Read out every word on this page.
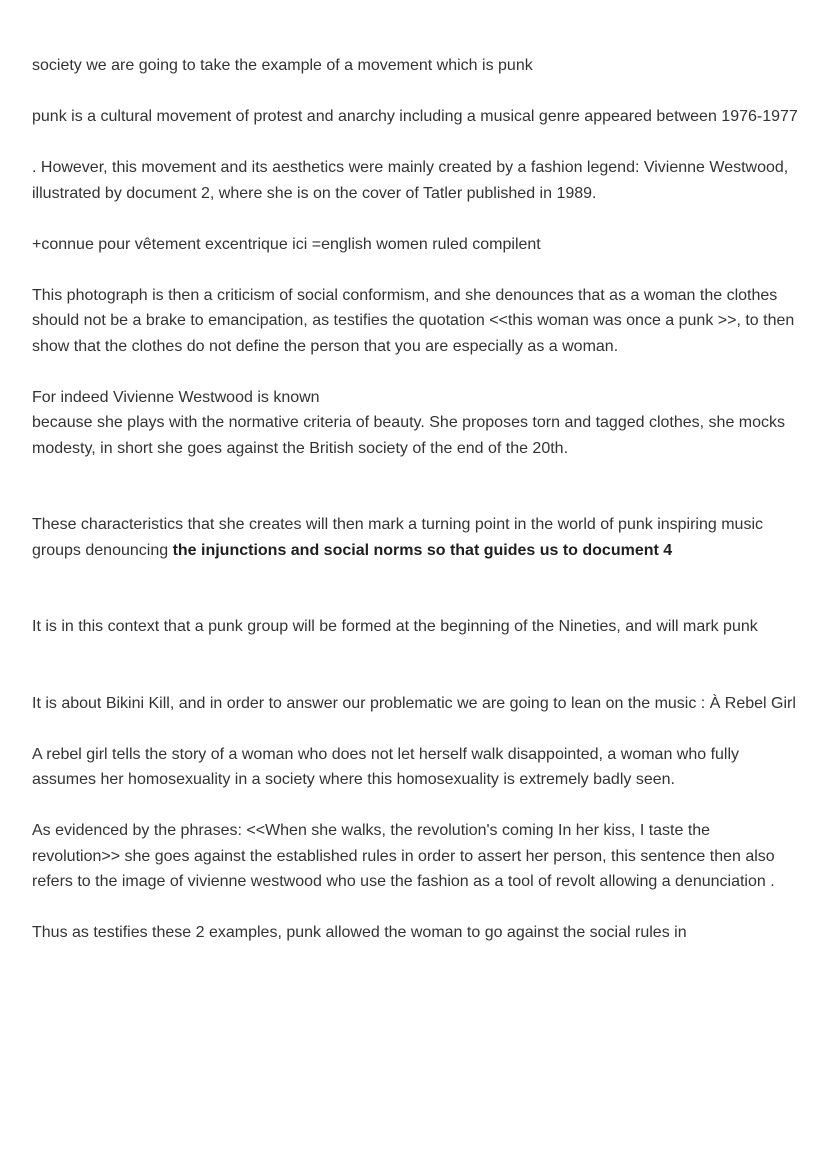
society we are going to take the example of a movement which is punk

punk is a cultural movement of protest and anarchy including a musical genre appeared between 1976-1977

. However, this movement and its aesthetics were mainly created by a fashion legend: Vivienne Westwood, illustrated by document 2, where she is on the cover of Tatler published in 1989.

+connue pour vêtement excentrique ici =english women ruled compilent

This photograph is then a criticism of social conformism, and she denounces that as a woman the clothes should not be a brake to emancipation, as testifies the quotation <<this woman was once a punk >>, to then show that the clothes do not define the person that you are especially as a woman.

For indeed Vivienne Westwood is known

because she plays with the normative criteria of beauty. She proposes torn and tagged clothes, she mocks modesty, in short she goes against the British society of the end of the 20th.

These characteristics that she creates will then mark a turning point in the world of punk inspiring music groups denouncing the injunctions and social norms so that guides us to document 4

It is in this context that a punk group will be formed at the beginning of the Nineties, and will mark punk

It is about Bikini Kill, and in order to answer our problematic we are going to lean on the music : À Rebel Girl

A rebel girl tells the story of a woman who does not let herself walk disappointed, a woman who fully assumes her homosexuality in a society where this homosexuality is extremely badly seen.

As evidenced by the phrases: <<When she walks, the revolution's coming In her kiss, I taste the revolution>> she goes against the established rules in order to assert her person, this sentence then also refers to the image of vivienne westwood who use the fashion as a tool of revolt allowing a denunciation .

Thus as testifies these 2 examples, punk allowed the woman to go against the social rules in
